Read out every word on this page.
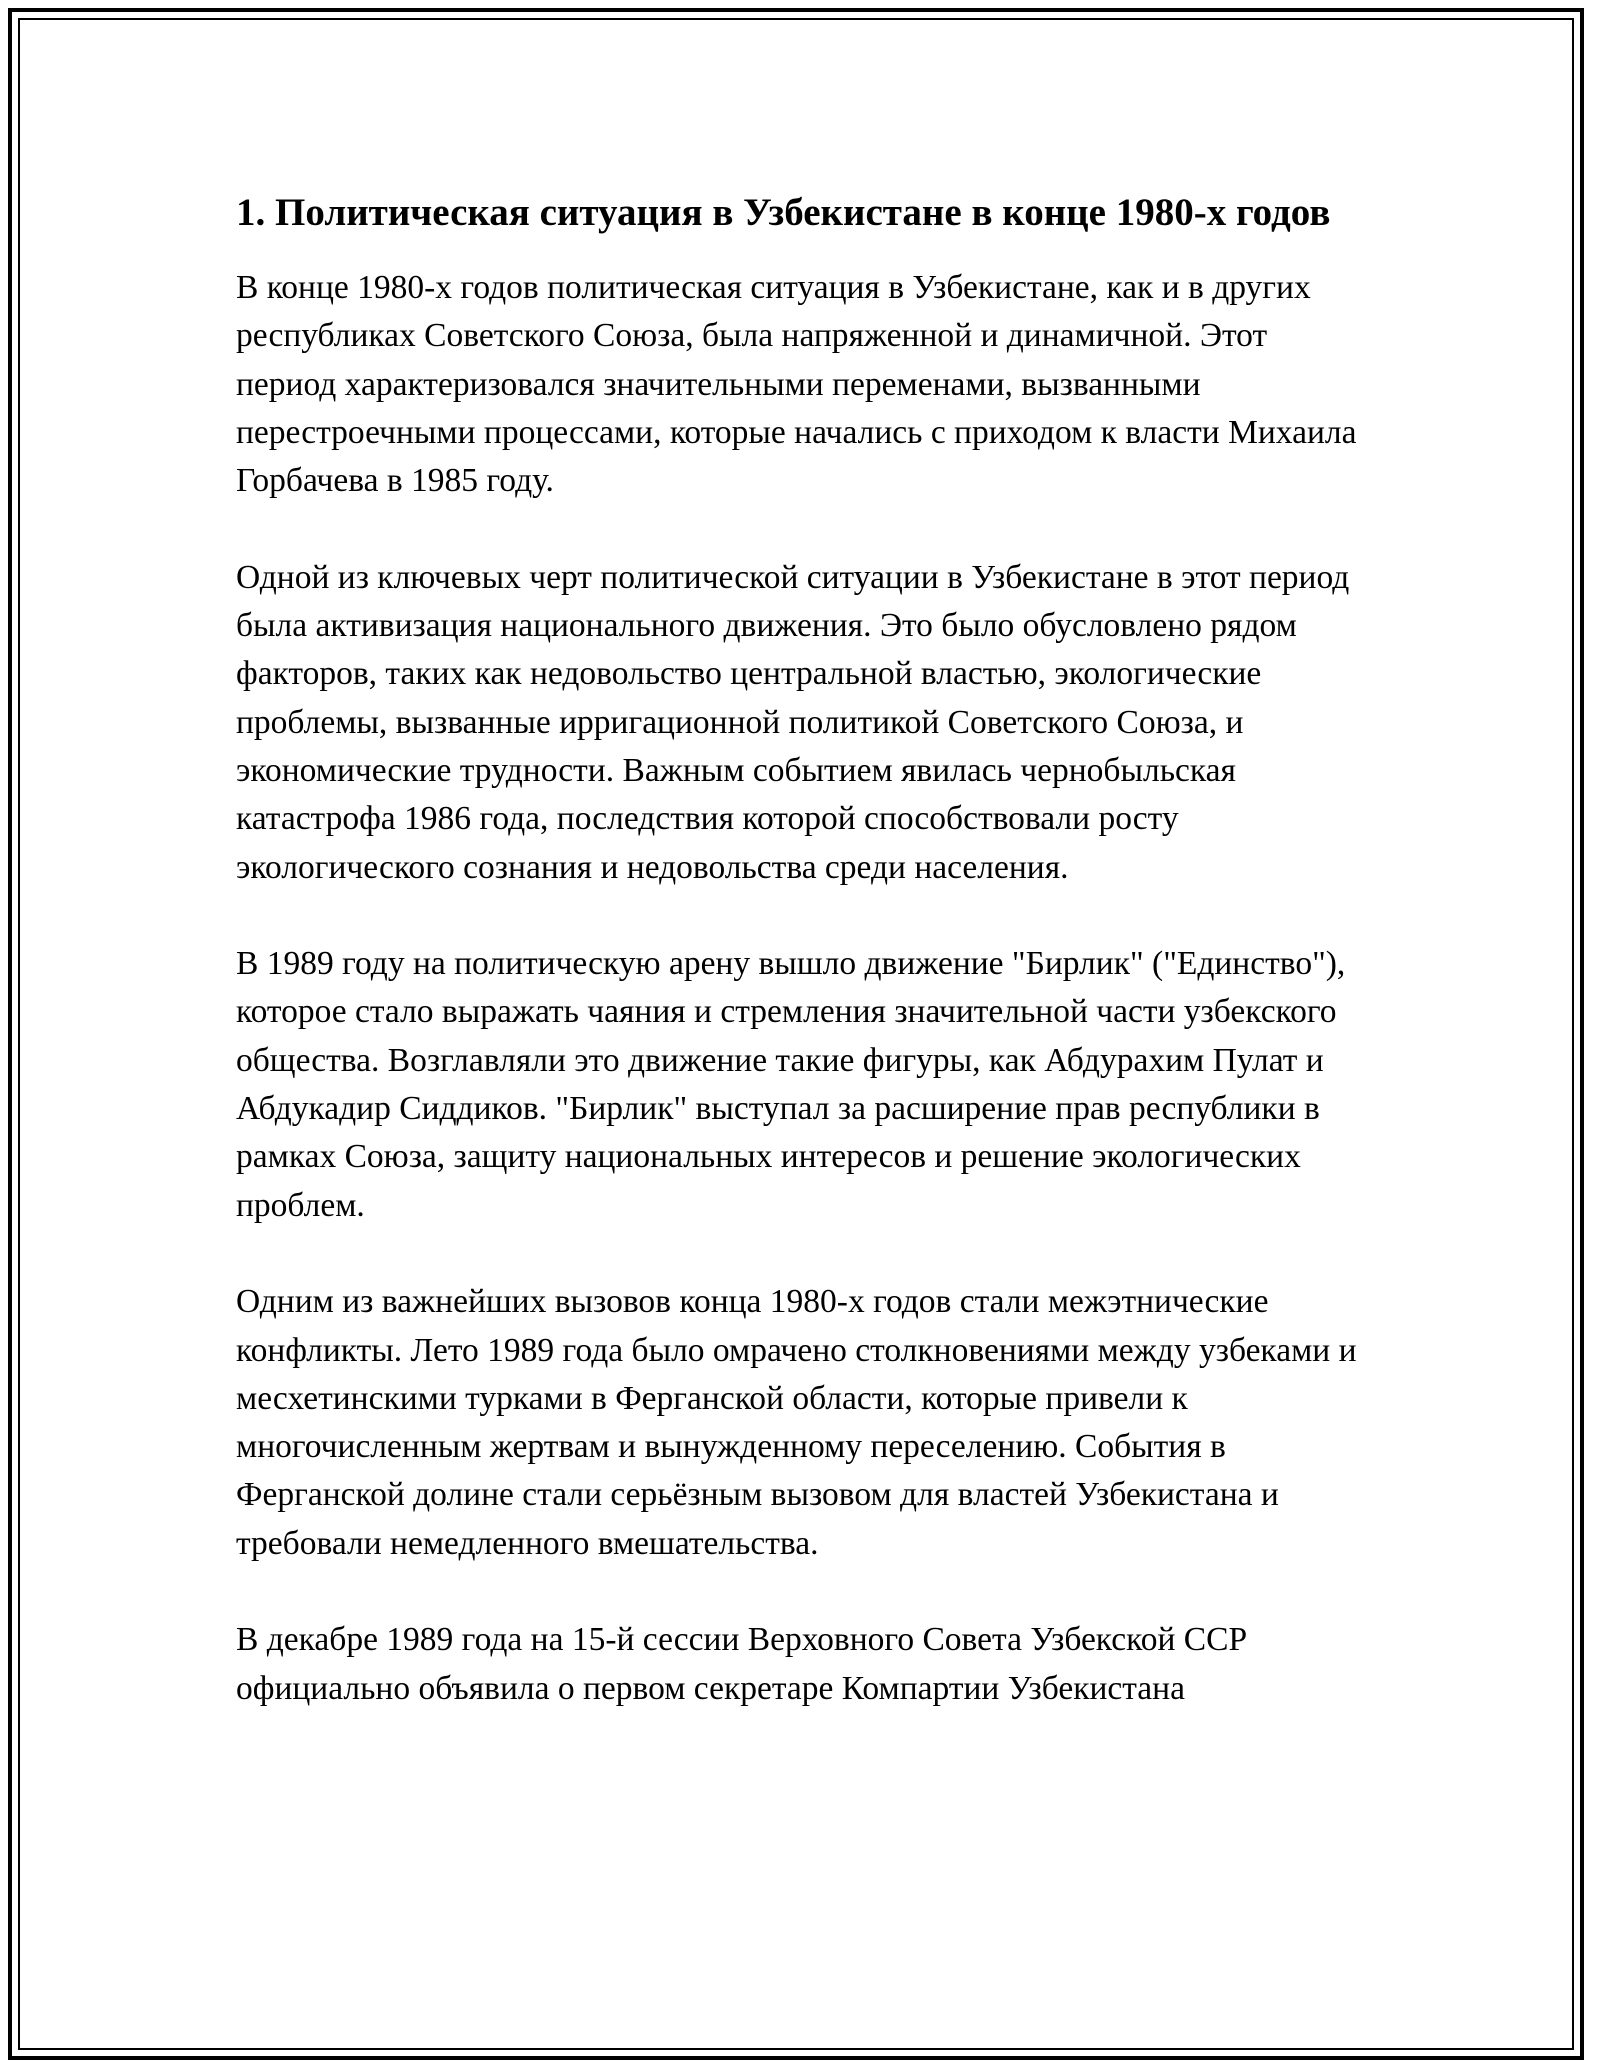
1. Политическая ситуация в Узбекистане в конце 1980-х годов

В конце 1980-х годов политическая ситуация в Узбекистане, как и в других республиках Советского Союза, была напряженной и динамичной. Этот период характеризовался значительными переменами, вызванными перестроечными процессами, которые начались с приходом к власти Михаила Горбачева в 1985 году.

Одной из ключевых черт политической ситуации в Узбекистане в этот период была активизация национального движения. Это было обусловлено рядом факторов, таких как недовольство центральной властью, экологические проблемы, вызванные ирригационной политикой Советского Союза, и экономические трудности. Важным событием явилась чернобыльская катастрофа 1986 года, последствия которой способствовали росту экологического сознания и недовольства среди населения.

В 1989 году на политическую арену вышло движение "Бирлик" ("Единство"), которое стало выражать чаяния и стремления значительной части узбекского общества. Возглавляли это движение такие фигуры, как Абдурахим Пулат и Абдукадир Сиддиков. "Бирлик" выступал за расширение прав республики в рамках Союза, защиту национальных интересов и решение экологических проблем.

Одним из важнейших вызовов конца 1980-х годов стали межэтнические конфликты. Лето 1989 года было омрачено столкновениями между узбеками и месхетинскими турками в Ферганской области, которые привели к многочисленным жертвам и вынужденному переселению. События в Ферганской долине стали серьёзным вызовом для властей Узбекистана и требовали немедленного вмешательства.

В декабре 1989 года на 15-й сессии Верховного Совета Узбекской ССР официально объявила о первом секретаре Компартии Узбекистана
